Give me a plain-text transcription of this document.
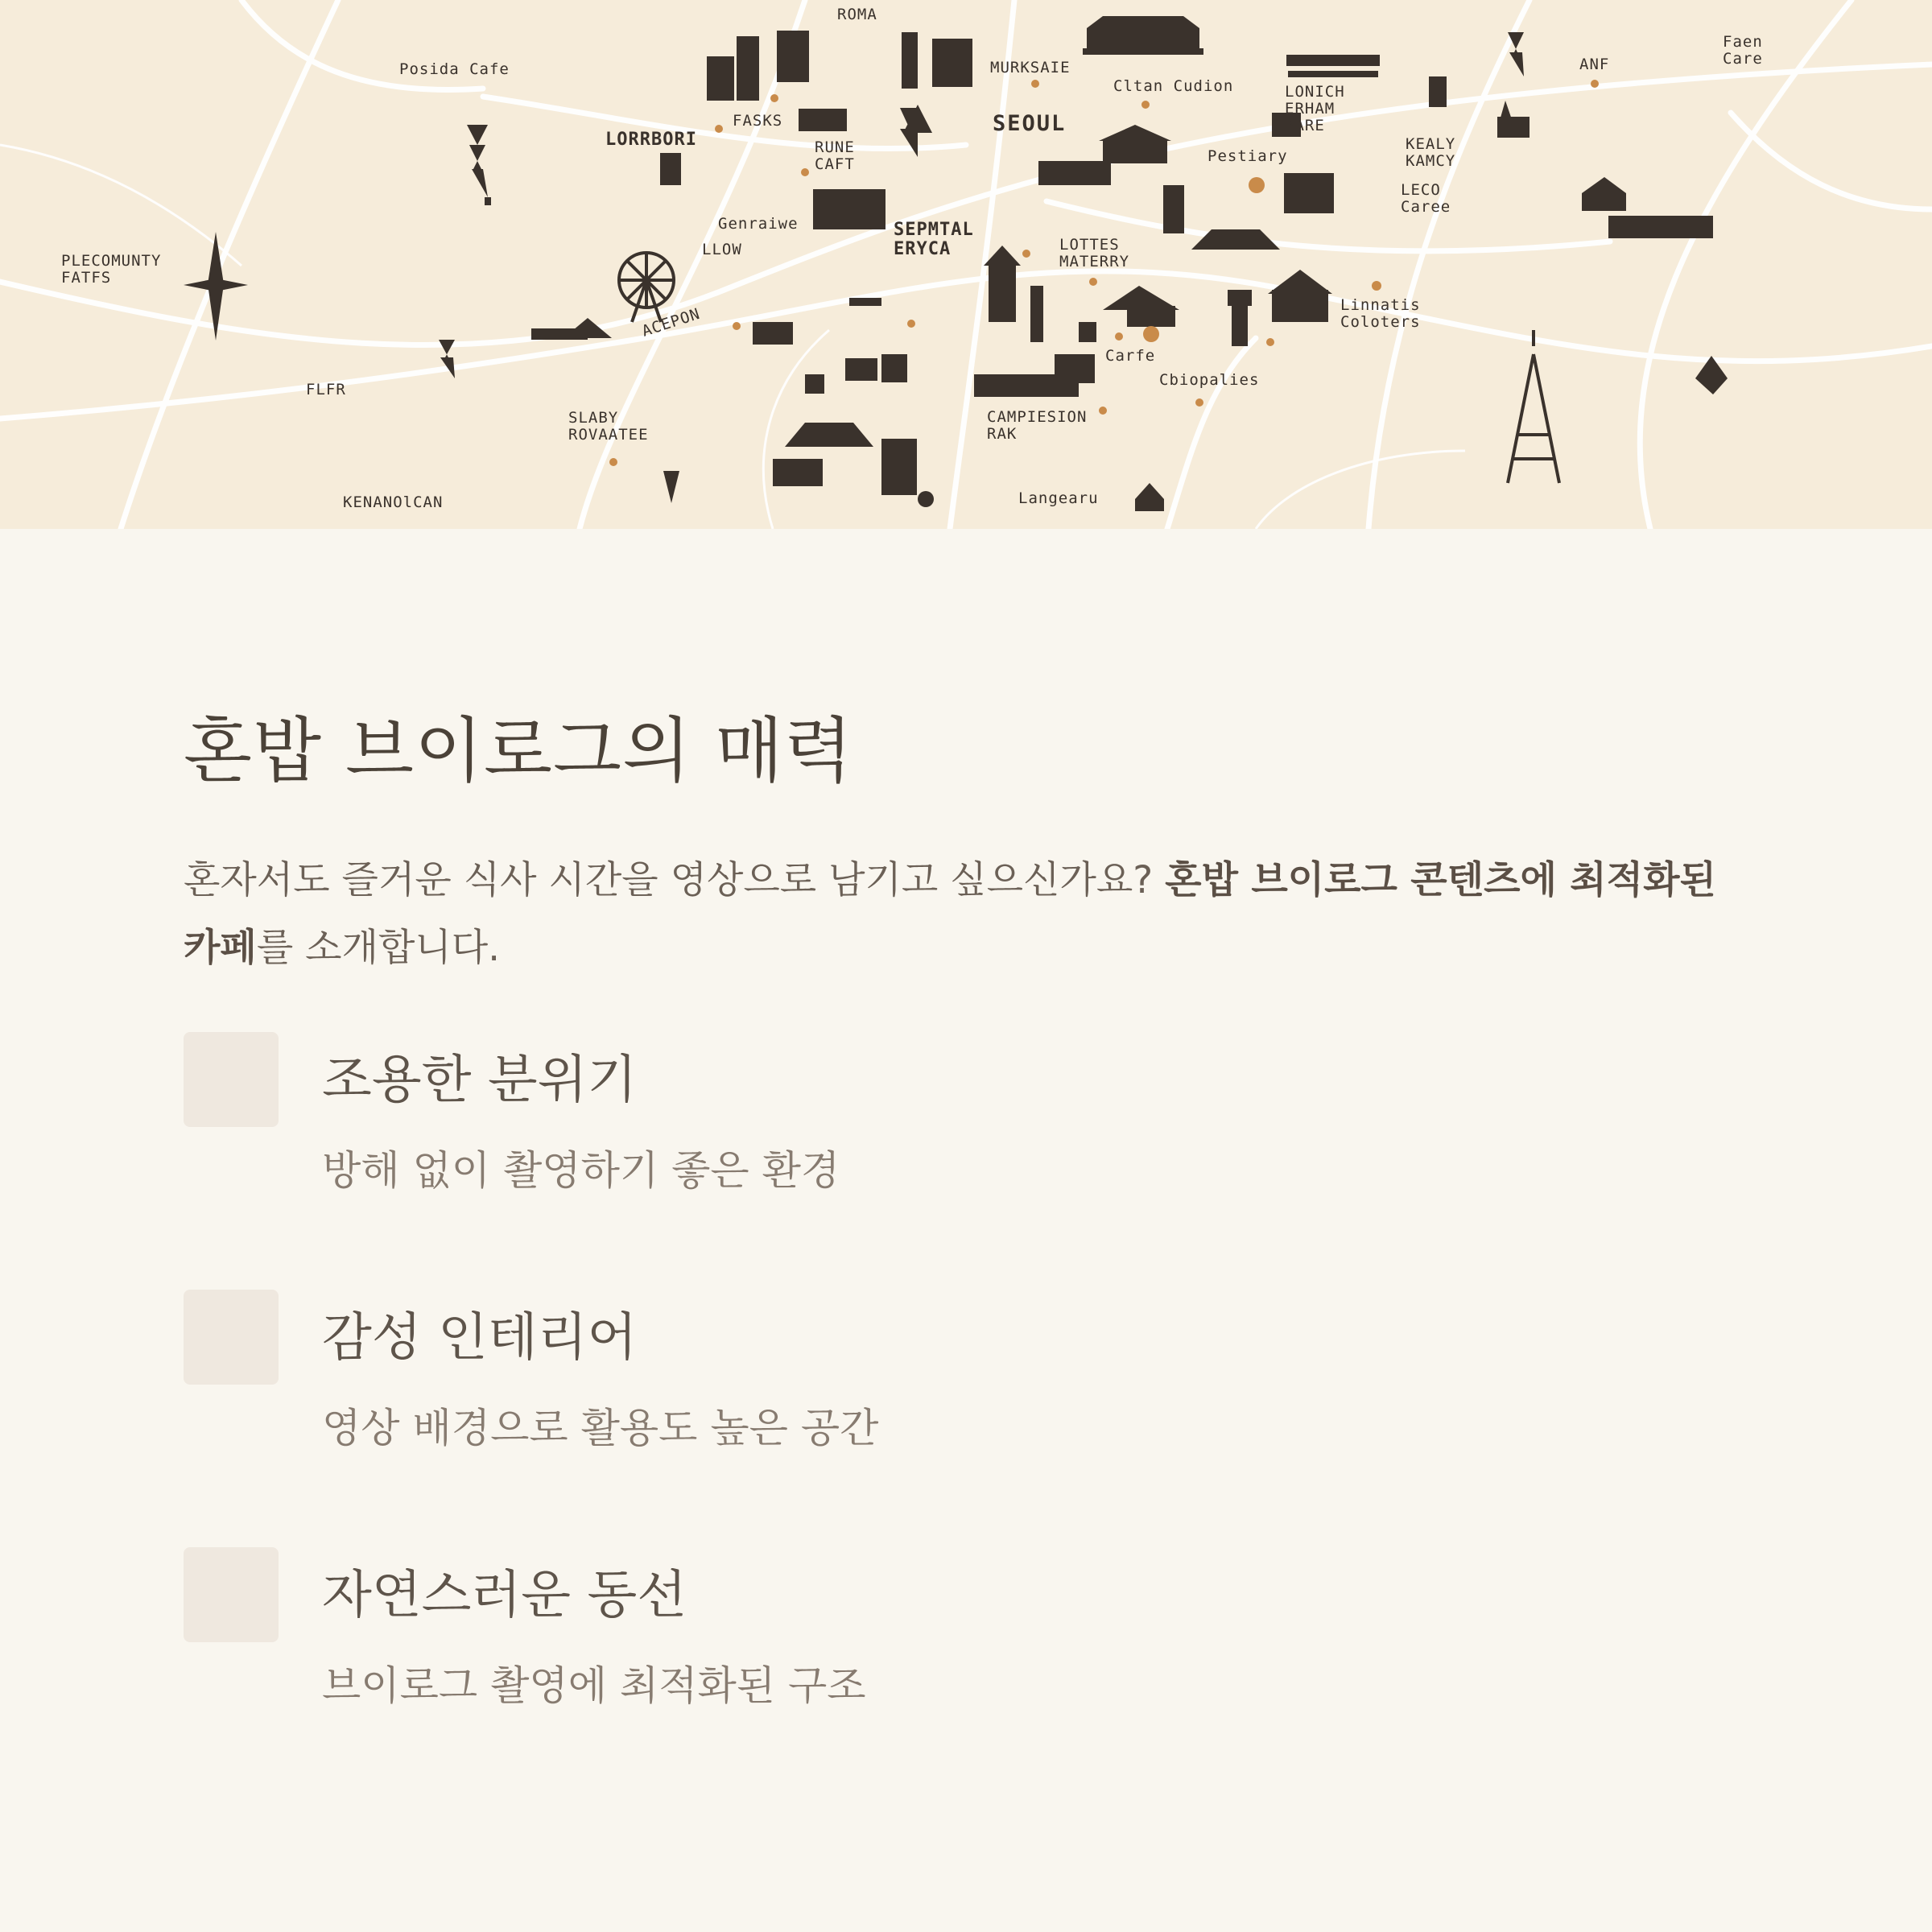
Posida Cafe
ROMA
SEOUL
MURKSAIE
Cltan Cudion	LONICH
ERHAM
PARE
Faen Care
ANF
LORRBORI
FASKS
RUNE CAFT	Pestiary
KEALY KAMCY
LECO Caree
PLECOMUNTY FATFS
Genraiwe
LLOW
SEPMTAL ERYCA	LOTTES MATERRY
Linnatis Coloters
ACEPON
FLFR
SLABY ROVAATEE
Carfe
Cbiopalies
CAMPIESION RAK
KENANOlCAN	Langearu
혼밥 브이로그의 매력

혼자서도 즐거운 식사 시간을 영상으로 남기고 싶으신가요? 혼밥 브이로그 콘텐츠에 최적화된 카페를 소개합니다.

조용한 분위기
방해 없이 촬영하기 좋은 환경
감성 인테리어
영상 배경으로 활용도 높은 공간
자연스러운 동선
브이로그 촬영에 최적화된 구조
